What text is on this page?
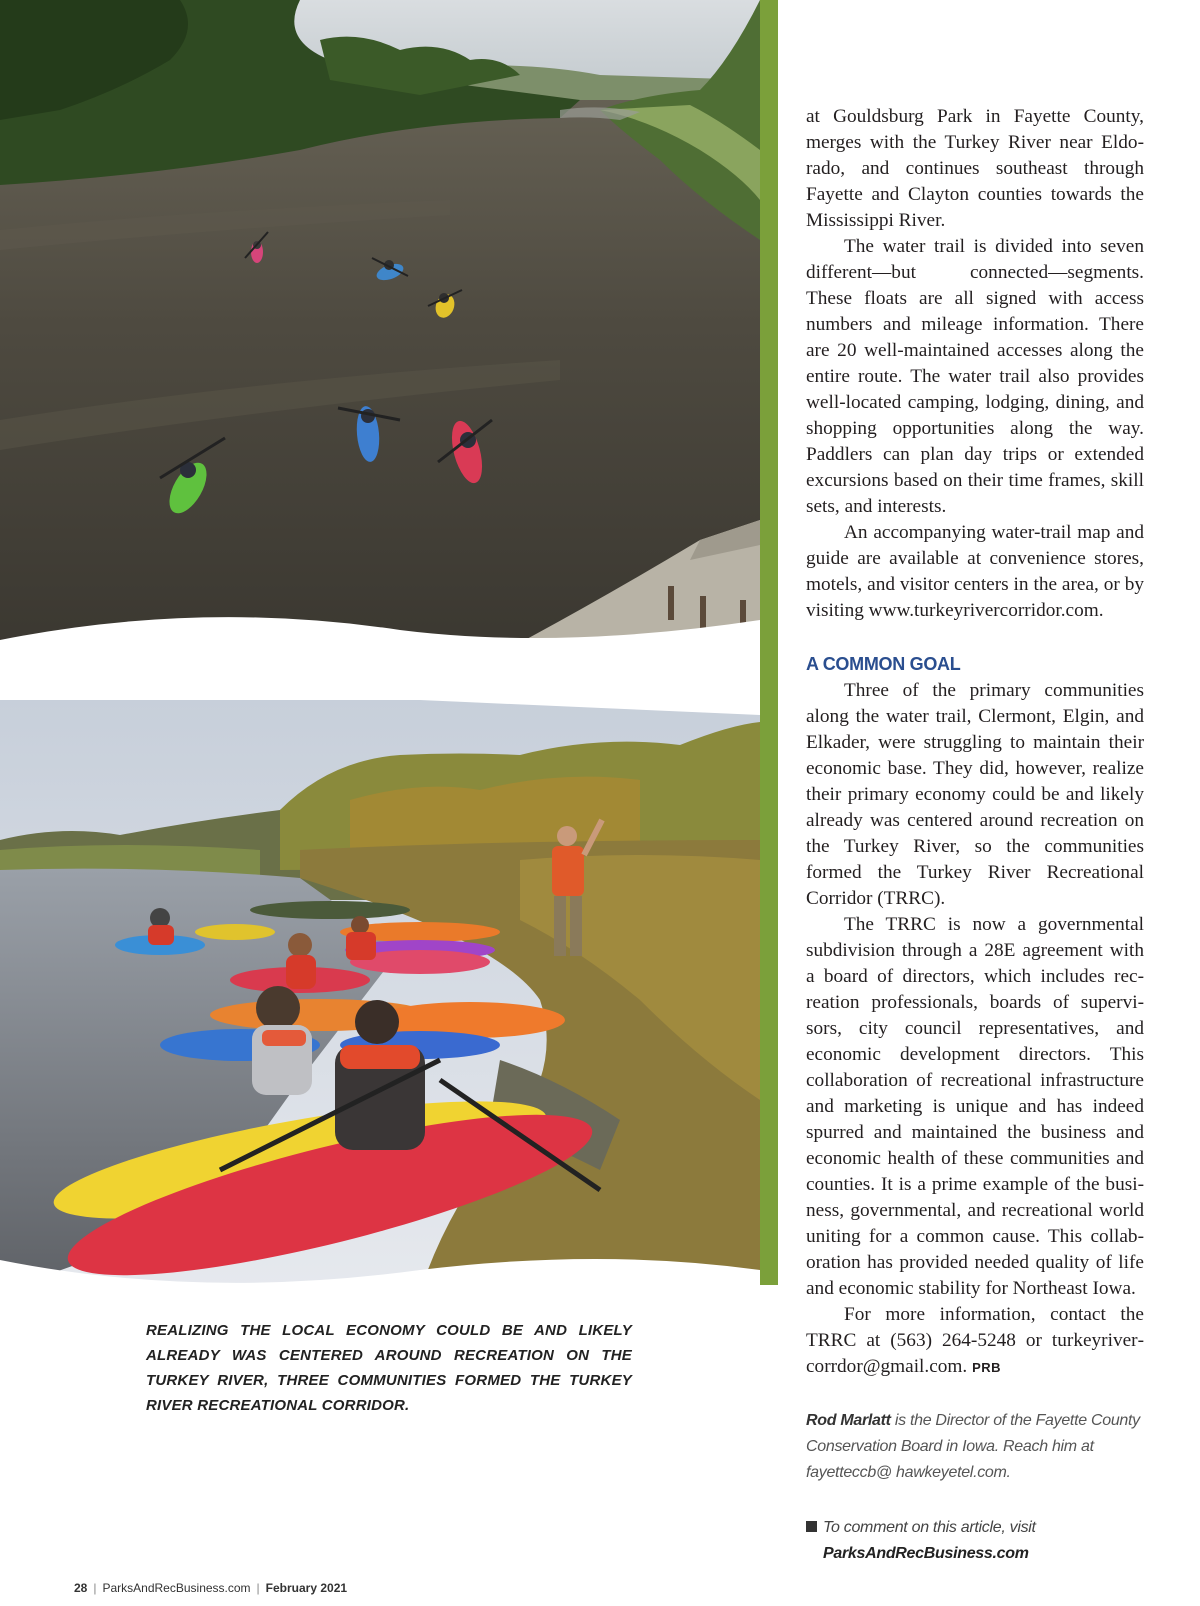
at Gouldsburg Park in Fayette County, merges with the Turkey River near Eldorado, and continues southeast through Fayette and Clayton counties towards the Mississippi River.

The water trail is divided into seven different—but connected—segments. These floats are all signed with access numbers and mileage information. There are 20 well-maintained accesses along the entire route. The water trail also provides well-located camping, lodging, dining, and shopping opportunities along the way. Paddlers can plan day trips or extended excursions based on their time frames, skill sets, and interests.

An accompanying water-trail map and guide are available at convenience stores, motels, and visitor centers in the area, or by visiting www.turkeyrivercorridor.com.

A COMMON GOAL

Three of the primary communities along the water trail, Clermont, Elgin, and Elkader, were struggling to maintain their economic base. They did, however, realize their primary economy could be and likely already was centered around recreation on the Turkey River, so the communities formed the Turkey River Recreational Corridor (TRRC).

The TRRC is now a governmental subdivision through a 28E agreement with a board of directors, which includes recreation professionals, boards of supervisors, city council representatives, and economic development directors. This collaboration of recreational infrastructure and marketing is unique and has indeed spurred and maintained the business and economic health of these communities and counties. It is a prime example of the business, governmental, and recreational world uniting for a common cause. This collaboration has provided needed quality of life and economic stability for Northeast Iowa.

For more information, contact the TRRC at (563) 264-5248 or turkeyrivercorrdor@gmail.com. PRB

Rod Marlatt is the Director of the Fayette County Conservation Board in Iowa. Reach him at fayetteccb@ hawkeyetel.com.
To comment on this article, visit
ParksAndRecBusiness.com
REALIZING THE LOCAL ECONOMY COULD BE AND LIKELY ALREADY WAS CENTERED AROUND RECREATION ON THE TURKEY RIVER, THREE COMMUNITIES FORMED THE TURKEY RIVER RECREATIONAL CORRIDOR.
28 | ParksAndRecBusiness.com | February 2021
